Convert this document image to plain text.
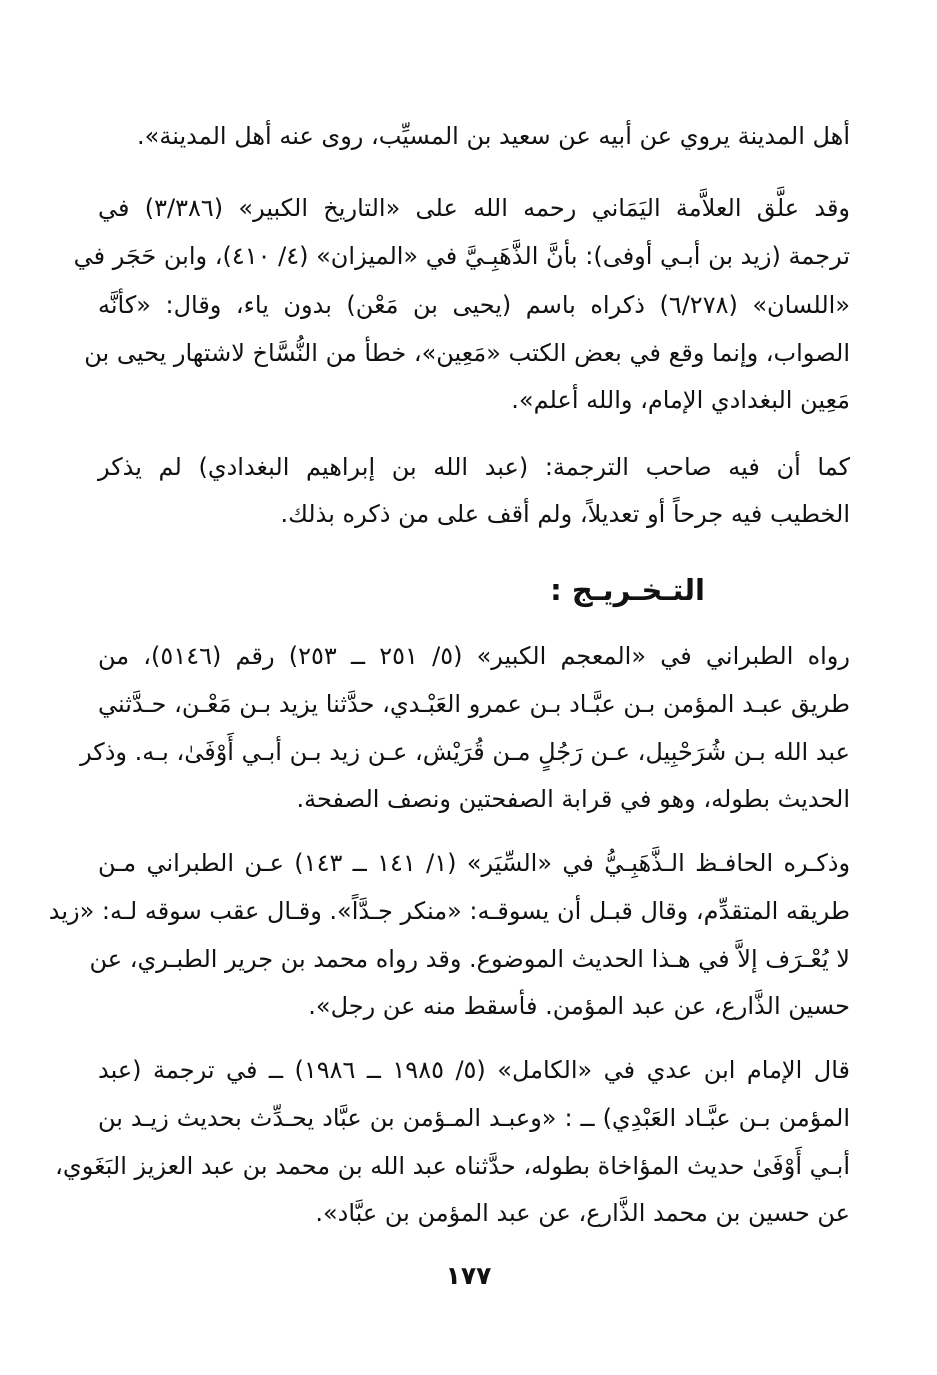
أهل المدينة يروي عن أبيه عن سعيد بن المسيِّب، روى عنه أهل المدينة».
وقد علَّق العلاَّمة اليَمَاني رحمه الله على «التاريخ الكبير» (٣/٣٨٦) في
ترجمة (زيد بن أبـي أوفى): بأنَّ الذَّهَبِـيَّ في «الميزان» (٤/ ٤١٠)، وابن حَجَر في
«اللسان» (٦/٢٧٨) ذكراه باسم (يحيى بن مَعْن) بدون ياء، وقال: «كأنَّه
الصواب، وإنما وقع في بعض الكتب «مَعِين»، خطأ من النُّسَّاخ لاشتهار يحيى بن
مَعِين البغدادي الإمام، والله أعلم».
كما أن فيه صاحب الترجمة: (عبد الله بن إبراهيم البغدادي) لم يذكر
الخطيب فيه جرحاً أو تعديلاً، ولم أقف على من ذكره بذلك.
التـخـريـج :
رواه الطبراني في «المعجم الكبير» (٥/ ٢٥١ ــ ٢٥٣) رقم (٥١٤٦)، من
طريق عبـد المؤمن بـن عبَّـاد بـن عمرو العَبْـدي، حدَّثنا يزيد بـن مَعْـن، حـدَّثني
عبد الله بـن شُرَحْبِيل، عـن رَجُلٍ مـن قُرَيْش، عـن زيد بـن أبـي أَوْفَىٰ، بـه. وذكر
الحديث بطوله، وهو في قرابة الصفحتين ونصف الصفحة.
وذكـره الحافـظ الـذَّهَبِـيُّ في «السِّيَر» (١/ ١٤١ ــ ١٤٣) عـن الطبراني مـن
طريقه المتقدِّم، وقال قبـل أن يسوقـه: «منكر جـدَّاً». وقـال عقب سوقه لـه: «زيد
لا يُعْـرَف إلاَّ في هـذا الحديث الموضوع. وقد رواه محمد بن جرير الطبـري، عن
حسين الذَّارع، عن عبد المؤمن. فأسقط منه عن رجل».
قال الإمام ابن عدي في «الكامل» (٥/ ١٩٨٥ ــ ١٩٨٦) ــ في ترجمة (عبد
المؤمن بـن عبَّـاد العَبْدِي) ــ : «وعبـد المـؤمن بن عبَّاد يحـدِّث بحديث زيـد بن
أبـي أَوْفَىٰ حديث المؤاخاة بطوله، حدَّثناه عبد الله بن محمد بن عبد العزيز البَغَوي،
عن حسين بن محمد الذَّارع، عن عبد المؤمن بن عبَّاد».
١٧٧
